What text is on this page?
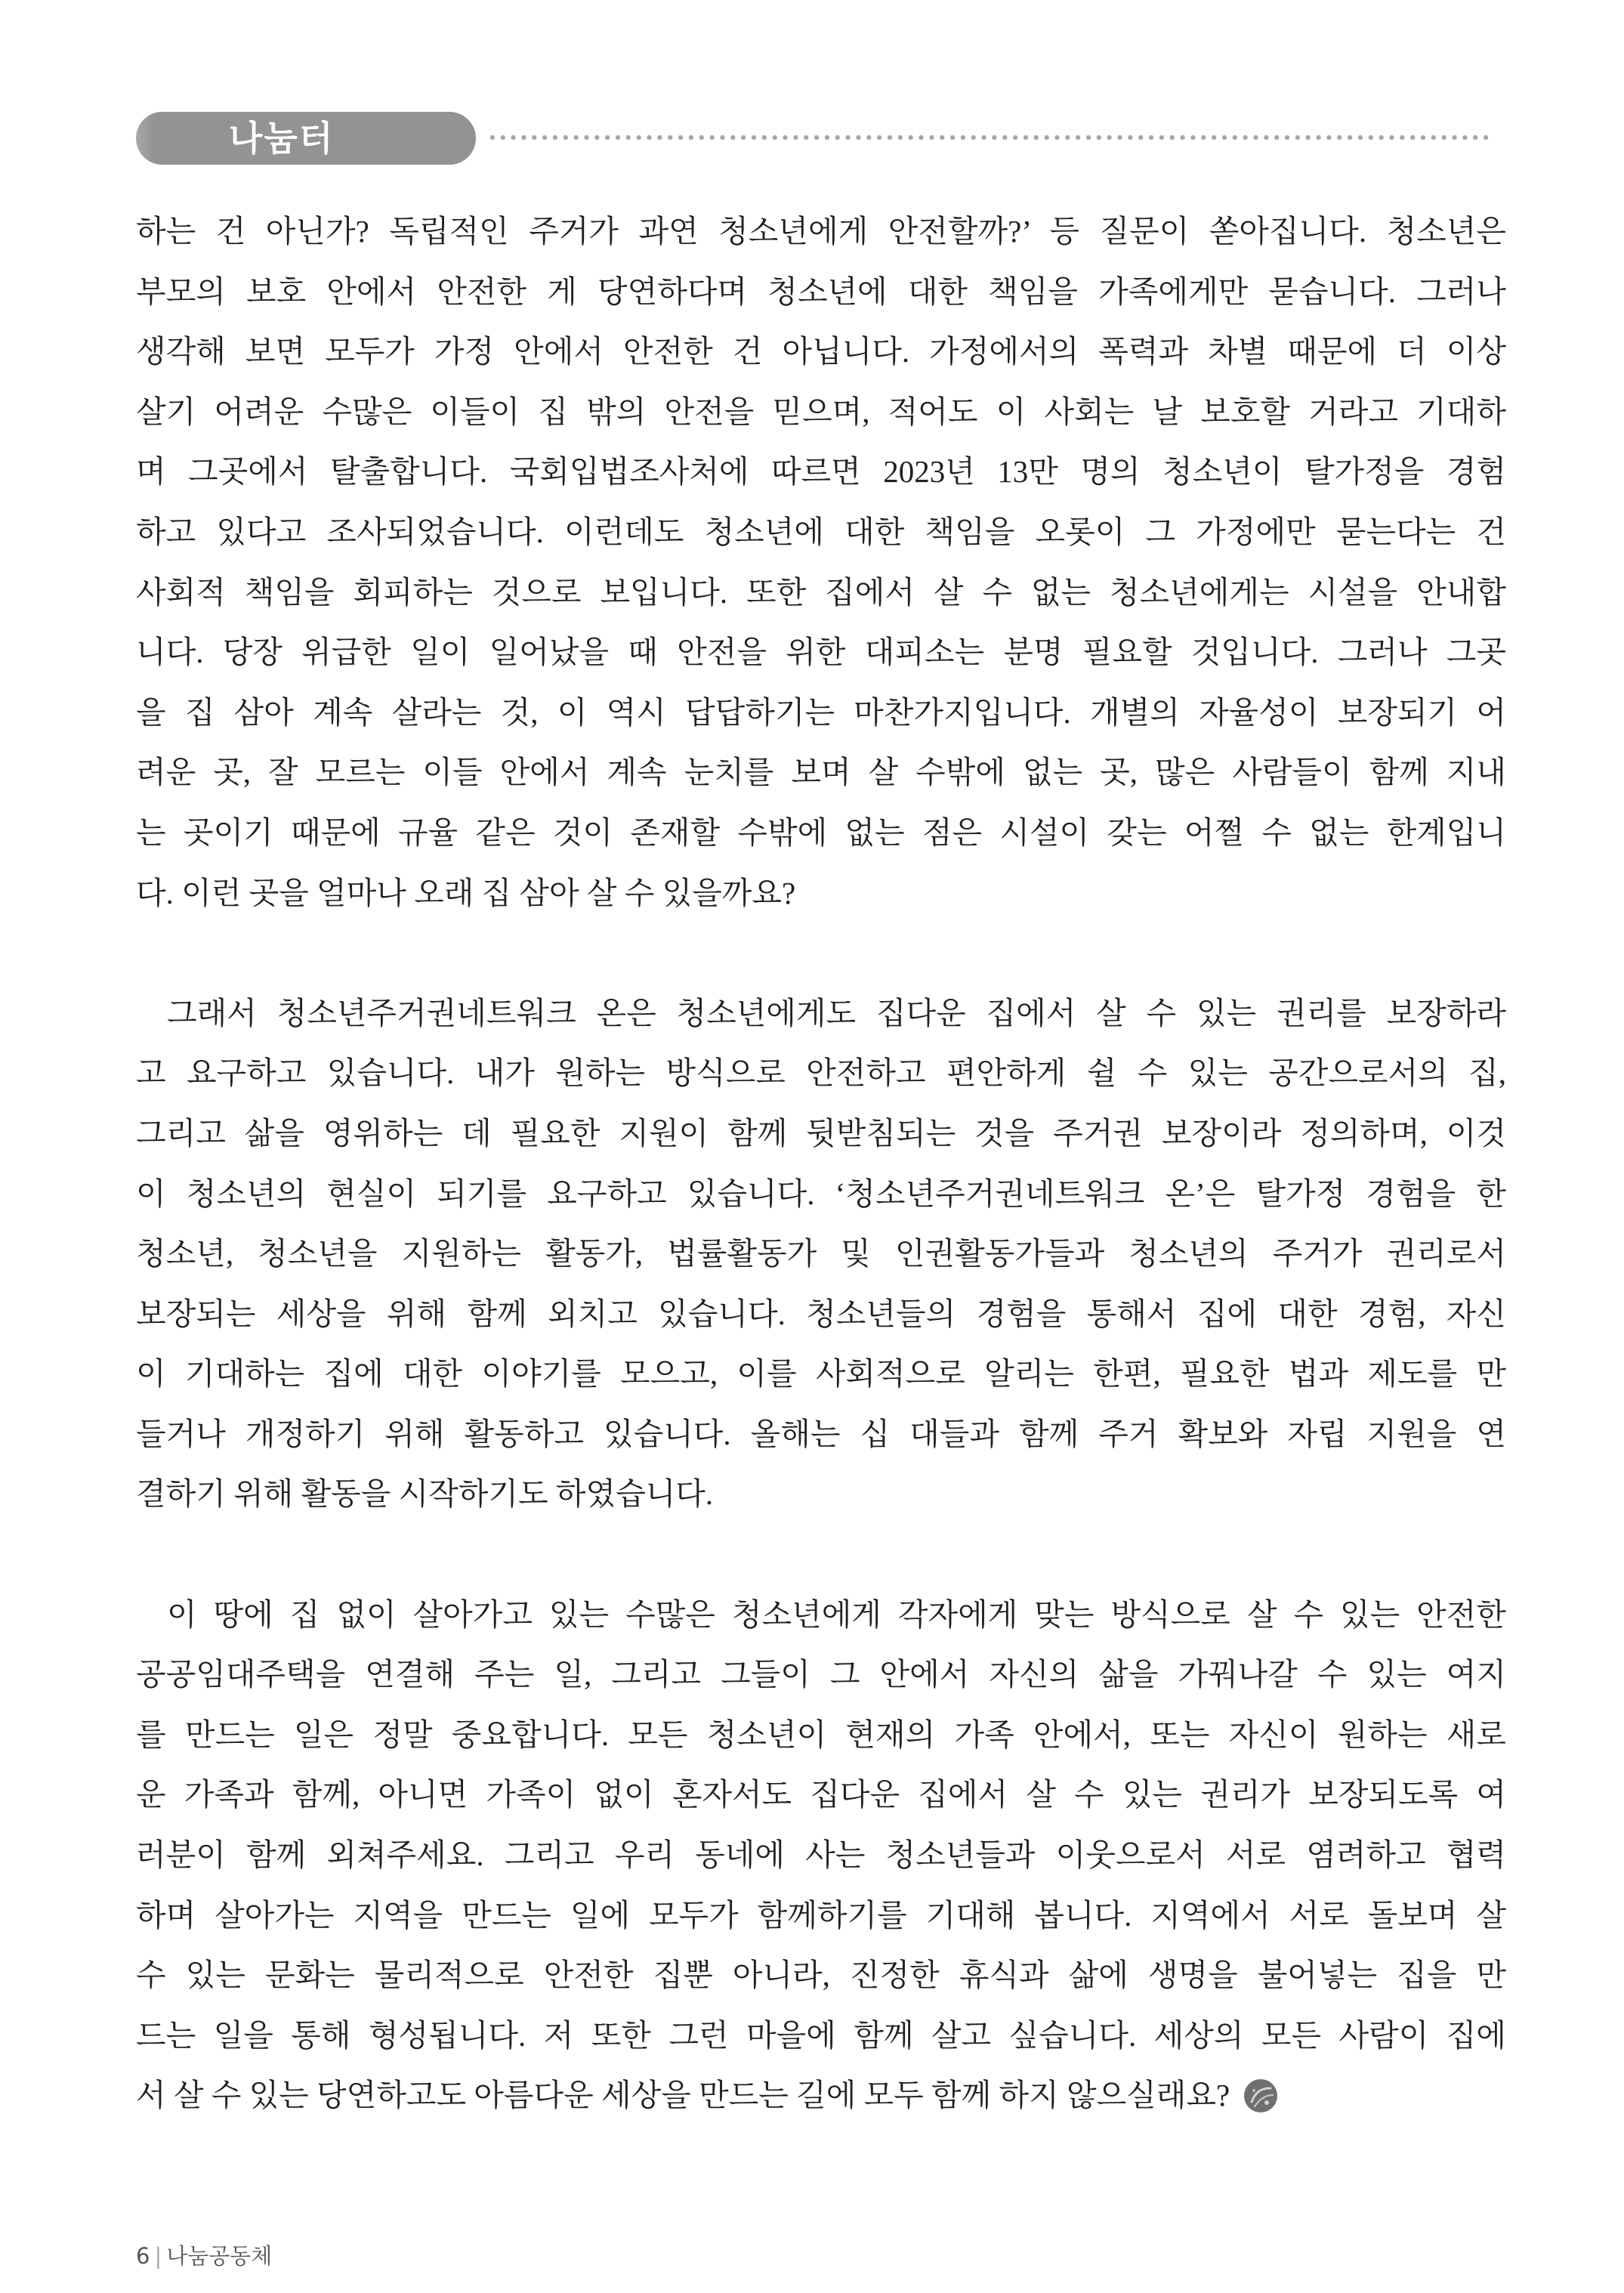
나눔터
하는 건 아닌가? 독립적인 주거가 과연 청소년에게 안전할까?’ 등 질문이 쏟아집니다. 청소년은
부모의 보호 안에서 안전한 게 당연하다며 청소년에 대한 책임을 가족에게만 묻습니다. 그러나
생각해 보면 모두가 가정 안에서 안전한 건 아닙니다. 가정에서의 폭력과 차별 때문에 더 이상
살기 어려운 수많은 이들이 집 밖의 안전을 믿으며, 적어도 이 사회는 날 보호할 거라고 기대하
며 그곳에서 탈출합니다. 국회입법조사처에 따르면 2023년 13만 명의 청소년이 탈가정을 경험
하고 있다고 조사되었습니다. 이런데도 청소년에 대한 책임을 오롯이 그 가정에만 묻는다는 건
사회적 책임을 회피하는 것으로 보입니다. 또한 집에서 살 수 없는 청소년에게는 시설을 안내합
니다. 당장 위급한 일이 일어났을 때 안전을 위한 대피소는 분명 필요할 것입니다. 그러나 그곳
을 집 삼아 계속 살라는 것, 이 역시 답답하기는 마찬가지입니다. 개별의 자율성이 보장되기 어
려운 곳, 잘 모르는 이들 안에서 계속 눈치를 보며 살 수밖에 없는 곳, 많은 사람들이 함께 지내
는 곳이기 때문에 규율 같은 것이 존재할 수밖에 없는 점은 시설이 갖는 어쩔 수 없는 한계입니
다. 이런 곳을 얼마나 오래 집 삼아 살 수 있을까요?
그래서 청소년주거권네트워크 온은 청소년에게도 집다운 집에서 살 수 있는 권리를 보장하라
고 요구하고 있습니다. 내가 원하는 방식으로 안전하고 편안하게 쉴 수 있는 공간으로서의 집,
그리고 삶을 영위하는 데 필요한 지원이 함께 뒷받침되는 것을 주거권 보장이라 정의하며, 이것
이 청소년의 현실이 되기를 요구하고 있습니다. ‘청소년주거권네트워크 온’은 탈가정 경험을 한
청소년, 청소년을 지원하는 활동가, 법률활동가 및 인권활동가들과 청소년의 주거가 권리로서
보장되는 세상을 위해 함께 외치고 있습니다. 청소년들의 경험을 통해서 집에 대한 경험, 자신
이 기대하는 집에 대한 이야기를 모으고, 이를 사회적으로 알리는 한편, 필요한 법과 제도를 만
들거나 개정하기 위해 활동하고 있습니다. 올해는 십 대들과 함께 주거 확보와 자립 지원을 연
결하기 위해 활동을 시작하기도 하였습니다.
이 땅에 집 없이 살아가고 있는 수많은 청소년에게 각자에게 맞는 방식으로 살 수 있는 안전한
공공임대주택을 연결해 주는 일, 그리고 그들이 그 안에서 자신의 삶을 가꿔나갈 수 있는 여지
를 만드는 일은 정말 중요합니다. 모든 청소년이 현재의 가족 안에서, 또는 자신이 원하는 새로
운 가족과 함께, 아니면 가족이 없이 혼자서도 집다운 집에서 살 수 있는 권리가 보장되도록 여
러분이 함께 외쳐주세요. 그리고 우리 동네에 사는 청소년들과 이웃으로서 서로 염려하고 협력
하며 살아가는 지역을 만드는 일에 모두가 함께하기를 기대해 봅니다. 지역에서 서로 돌보며 살
수 있는 문화는 물리적으로 안전한 집뿐 아니라, 진정한 휴식과 삶에 생명을 불어넣는 집을 만
드는 일을 통해 형성됩니다. 저 또한 그런 마을에 함께 살고 싶습니다. 세상의 모든 사람이 집에
서 살 수 있는 당연하고도 아름다운 세상을 만드는 길에 모두 함께 하지 않으실래요?
6 | 나눔공동체
